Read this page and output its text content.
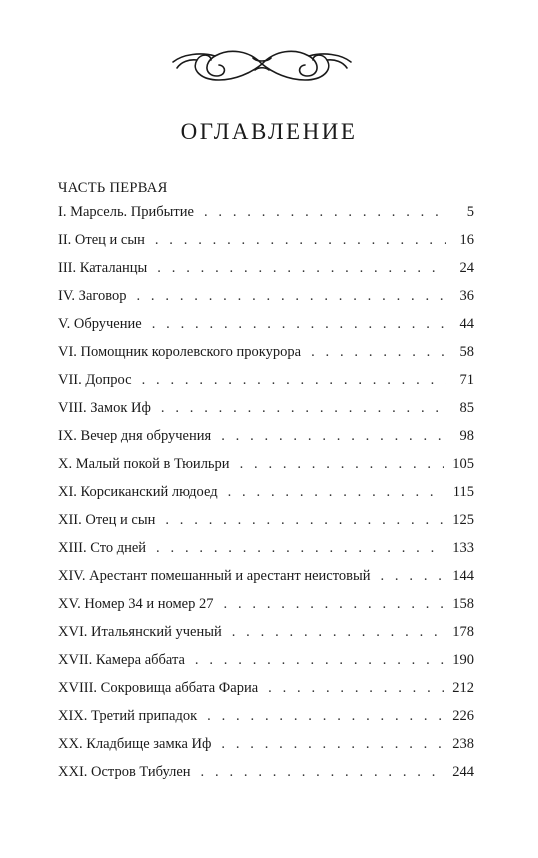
ОГЛАВЛЕНИЕ

ЧАСТЬ ПЕРВАЯ

I. Марсель. Прибытие . . .	5
II. Отец и сын . . .	16
III. Каталанцы . . .	24
IV. Заговор . . .	36
V. Обручение . . .	44
VI. Помощник королевского прокурора . . .	58
VII. Допрос . . .	71
VIII. Замок Иф . . .	85
IX. Вечер дня обручения . . .	98
X. Малый покой в Тюильри . . .	105
XI. Корсиканский людоед . . .	115
XII. Отец и сын . . .	125
XIII. Сто дней . . .	133
XIV. Арестант помешанный и арестант неистовый . . .	144
XV. Номер 34 и номер 27 . . .	158
XVI. Итальянский ученый . . .	178
XVII. Камера аббата . . .	190
XVIII. Сокровища аббата Фариа . . .	212
XIX. Третий припадок . . .	226
XX. Кладбище замка Иф . . .	238
XXI. Остров Тибулен . . .	244
